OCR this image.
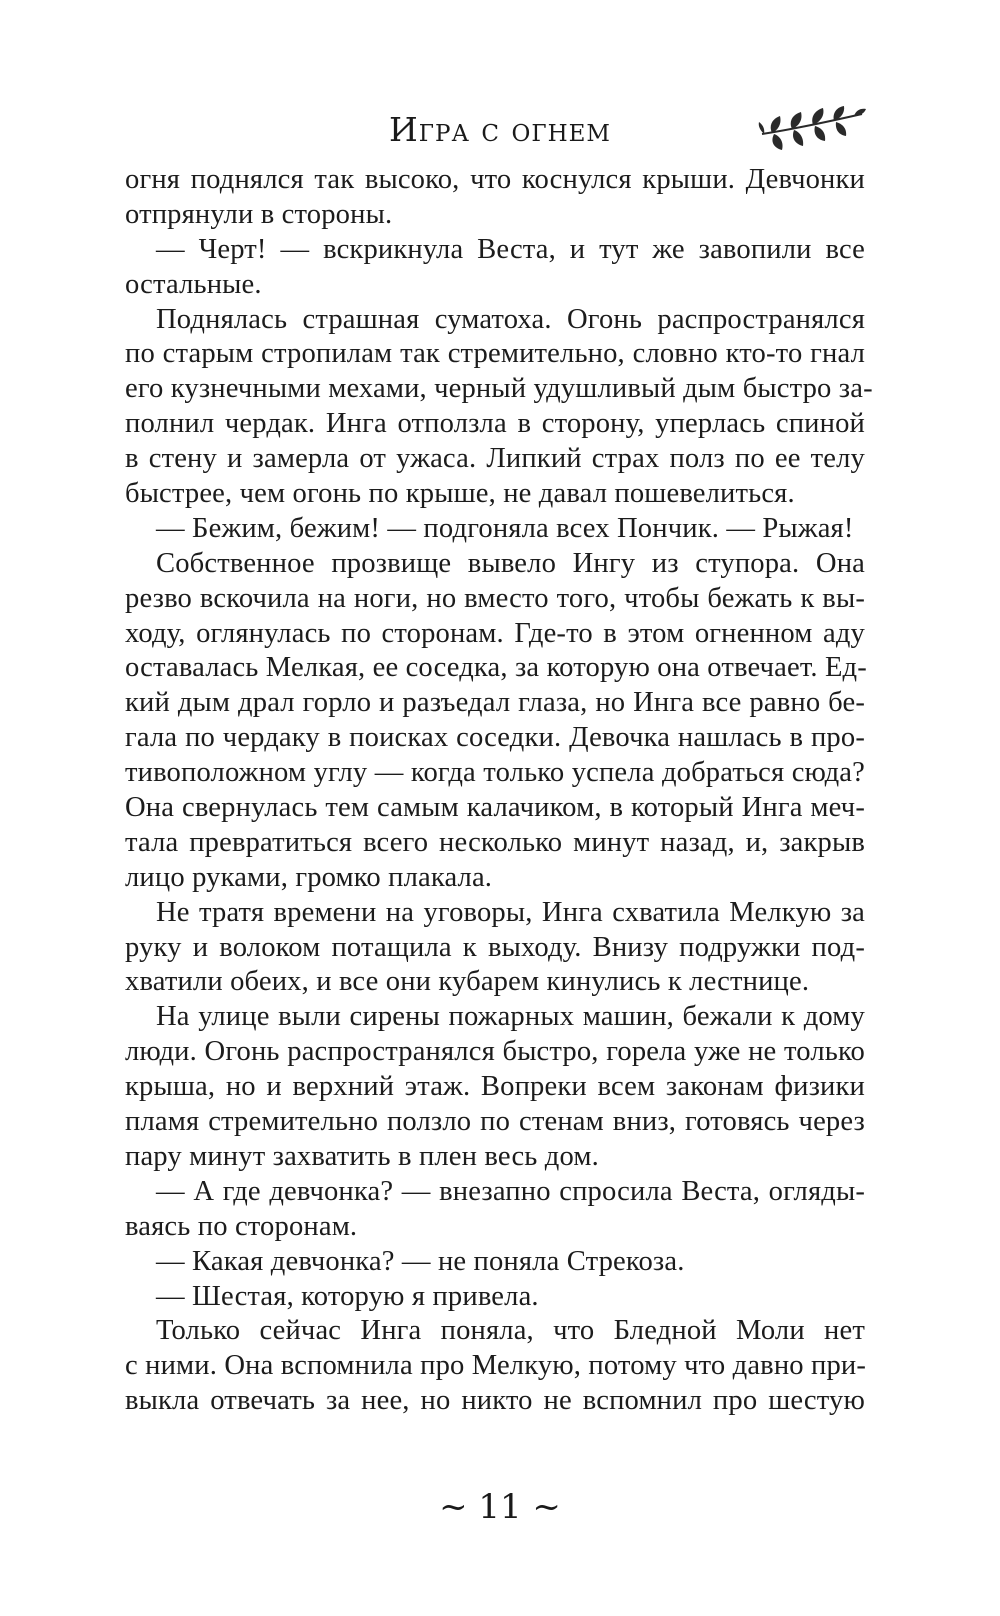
Игра с огнем
огня поднялся так высоко, что коснулся крыши. Девчонки
отпрянули в стороны.
— Черт! — вскрикнула Веста, и тут же завопили все
остальные.
Поднялась страшная суматоха. Огонь распространялся
по старым стропилам так стремительно, словно кто-то гнал
его кузнечными мехами, черный удушливый дым быстро за-
полнил чердак. Инга отползла в сторону, уперлась спиной
в стену и замерла от ужаса. Липкий страх полз по ее телу
быстрее, чем огонь по крыше, не давал пошевелиться.
— Бежим, бежим! — подгоняла всех Пончик. — Рыжая!
Собственное прозвище вывело Ингу из ступора. Она
резво вскочила на ноги, но вместо того, чтобы бежать к вы-
ходу, оглянулась по сторонам. Где-то в этом огненном аду
оставалась Мелкая, ее соседка, за которую она отвечает. Ед-
кий дым драл горло и разъедал глаза, но Инга все равно бе-
гала по чердаку в поисках соседки. Девочка нашлась в про-
тивоположном углу — когда только успела добраться сюда?
Она свернулась тем самым калачиком, в который Инга меч-
тала превратиться всего несколько минут назад, и, закрыв
лицо руками, громко плакала.
Не тратя времени на уговоры, Инга схватила Мелкую за
руку и волоком потащила к выходу. Внизу подружки под-
хватили обеих, и все они кубарем кинулись к лестнице.
На улице выли сирены пожарных машин, бежали к дому
люди. Огонь распространялся быстро, горела уже не только
крыша, но и верхний этаж. Вопреки всем законам физики
пламя стремительно ползло по стенам вниз, готовясь через
пару минут захватить в плен весь дом.
— А где девчонка? — внезапно спросила Веста, огляды-
ваясь по сторонам.
— Какая девчонка? — не поняла Стрекоза.
— Шестая, которую я привела.
Только сейчас Инга поняла, что Бледной Моли нет
с ними. Она вспомнила про Мелкую, потому что давно при-
выкла отвечать за нее, но никто не вспомнил про шестую
~ 11 ~
